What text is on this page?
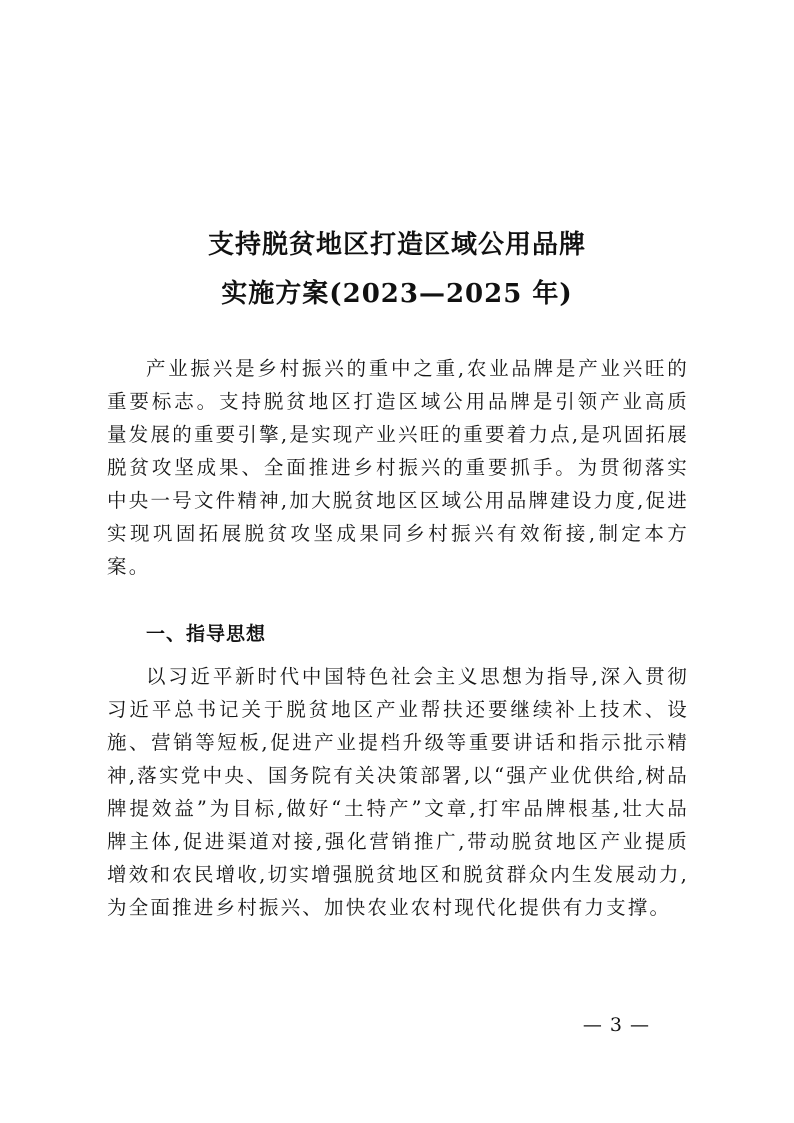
支持脱贫地区打造区域公用品牌
实施方案(2023—2025 年)

产业振兴是乡村振兴的重中之重,农业品牌是产业兴旺的重要标志。支持脱贫地区打造区域公用品牌是引领产业高质量发展的重要引擎,是实现产业兴旺的重要着力点,是巩固拓展脱贫攻坚成果、全面推进乡村振兴的重要抓手。为贯彻落实中央一号文件精神,加大脱贫地区区域公用品牌建设力度,促进实现巩固拓展脱贫攻坚成果同乡村振兴有效衔接,制定本方案。

一、指导思想

以习近平新时代中国特色社会主义思想为指导,深入贯彻习近平总书记关于脱贫地区产业帮扶还要继续补上技术、设施、营销等短板,促进产业提档升级等重要讲话和指示批示精神,落实党中央、国务院有关决策部署,以“强产业优供给,树品牌提效益”为目标,做好“土特产”文章,打牢品牌根基,壮大品牌主体,促进渠道对接,强化营销推广,带动脱贫地区产业提质增效和农民增收,切实增强脱贫地区和脱贫群众内生发展动力,为全面推进乡村振兴、加快农业农村现代化提供有力支撑。

— 3 —
